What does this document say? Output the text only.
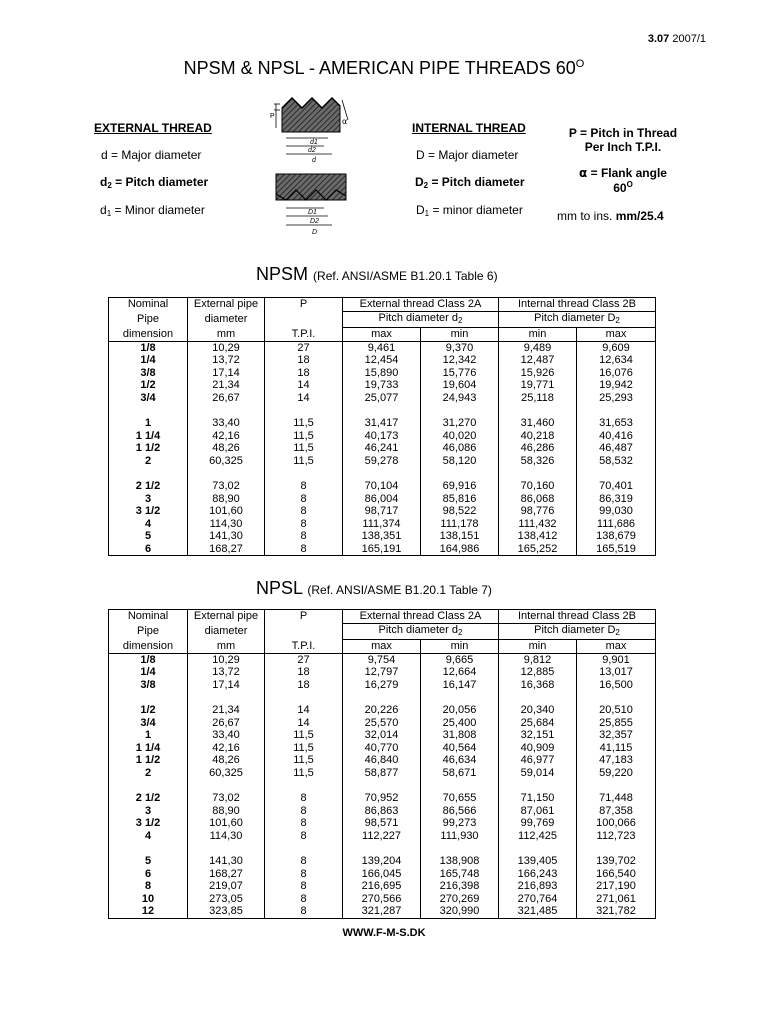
3.07 2007/1
NPSM & NPSL - AMERICAN PIPE THREADS $60^O$
EXTERNAL THREAD
d = Major diameter
$d_2$ = Pitch diameter
$d_1$ = Minor diameter
P
α
d1
d2
d
D1
D2
D
INTERNAL THREAD
D = Major diameter
$D_2$ = Pitch diameter
$D_1$ = minor diameter
P = Pitch in Thread
Per Inch T.P.I.
α = Flank angle
$60^O$
mm to ins. mm/25.4
NPSM (Ref. ANSI/ASME B1.20.1 Table 6)
Nominal	External pipe	P	External thread Class 2A		Internal thread Class 2B	
Pipe	diameter		Pitch diameter $d_2$		Pitch diameter $D_2$
dimension	mm	T.P.I.	max	min	min	max
1/8	10,29	27	9,461	9,370	9,489	9,609
1/4	13,72	18	12,454	12,342	12,487	12,634
3/8	17,14	18	15,890	15,776	15,926	16,076
1/2	21,34	14	19,733	19,604	19,771	19,942
3/4	26,67	14	25,077	24,943	25,118	25,293

1	33,40	11,5	31,417	31,270	31,460	31,653
1 1/4	42,16	11,5	40,173	40,020	40,218	40,416
1 1/2	48,26	11,5	46,241	46,086	46,286	46,487
2	60,325	11,5	59,278	58,120	58,326	58,532

2 1/2	73,02	8	70,104	69,916	70,160	70,401
3	88,90	8	86,004	85,816	86,068	86,319
3 1/2	101,60	8	98,717	98,522	98,776	99,030
4	114,30	8	111,374	111,178	111,432	111,686
5	141,30	8	138,351	138,151	138,412	138,679
6	168,27	8	165,191	164,986	165,252	165,519
NPSL (Ref. ANSI/ASME B1.20.1 Table 7)
Nominal	External pipe	P	External thread Class 2A		Internal thread Class 2B	
Pipe	diameter		Pitch diameter $d_2$		Pitch diameter $D_2$
dimension	mm	T.P.I.	max	min	min	max
1/8	10,29	27	9,754	9,665	9,812	9,901
1/4	13,72	18	12,797	12,664	12,885	13,017
3/8	17,14	18	16,279	16,147	16,368	16,500

1/2	21,34	14	20,226	20,056	20,340	20,510
3/4	26,67	14	25,570	25,400	25,684	25,855
1	33,40	11,5	32,014	31,808	32,151	32,357
1 1/4	42,16	11,5	40,770	40,564	40,909	41,115
1 1/2	48,26	11,5	46,840	46,634	46,977	47,183
2	60,325	11,5	58,877	58,671	59,014	59,220

2 1/2	73,02	8	70,952	70,655	71,150	71,448
3	88,90	8	86,863	86,566	87,061	87,358
3 1/2	101,60	8	98,571	99,273	99,769	100,066
4	114,30	8	112,227	111,930	112,425	112,723

5	141,30	8	139,204	138,908	139,405	139,702
6	168,27	8	166,045	165,748	166,243	166,540
8	219,07	8	216,695	216,398	216,893	217,190
10	273,05	8	270,566	270,269	270,764	271,061
12	323,85	8	321,287	320,990	321,485	321,782
WWW.F-M-S.DK
